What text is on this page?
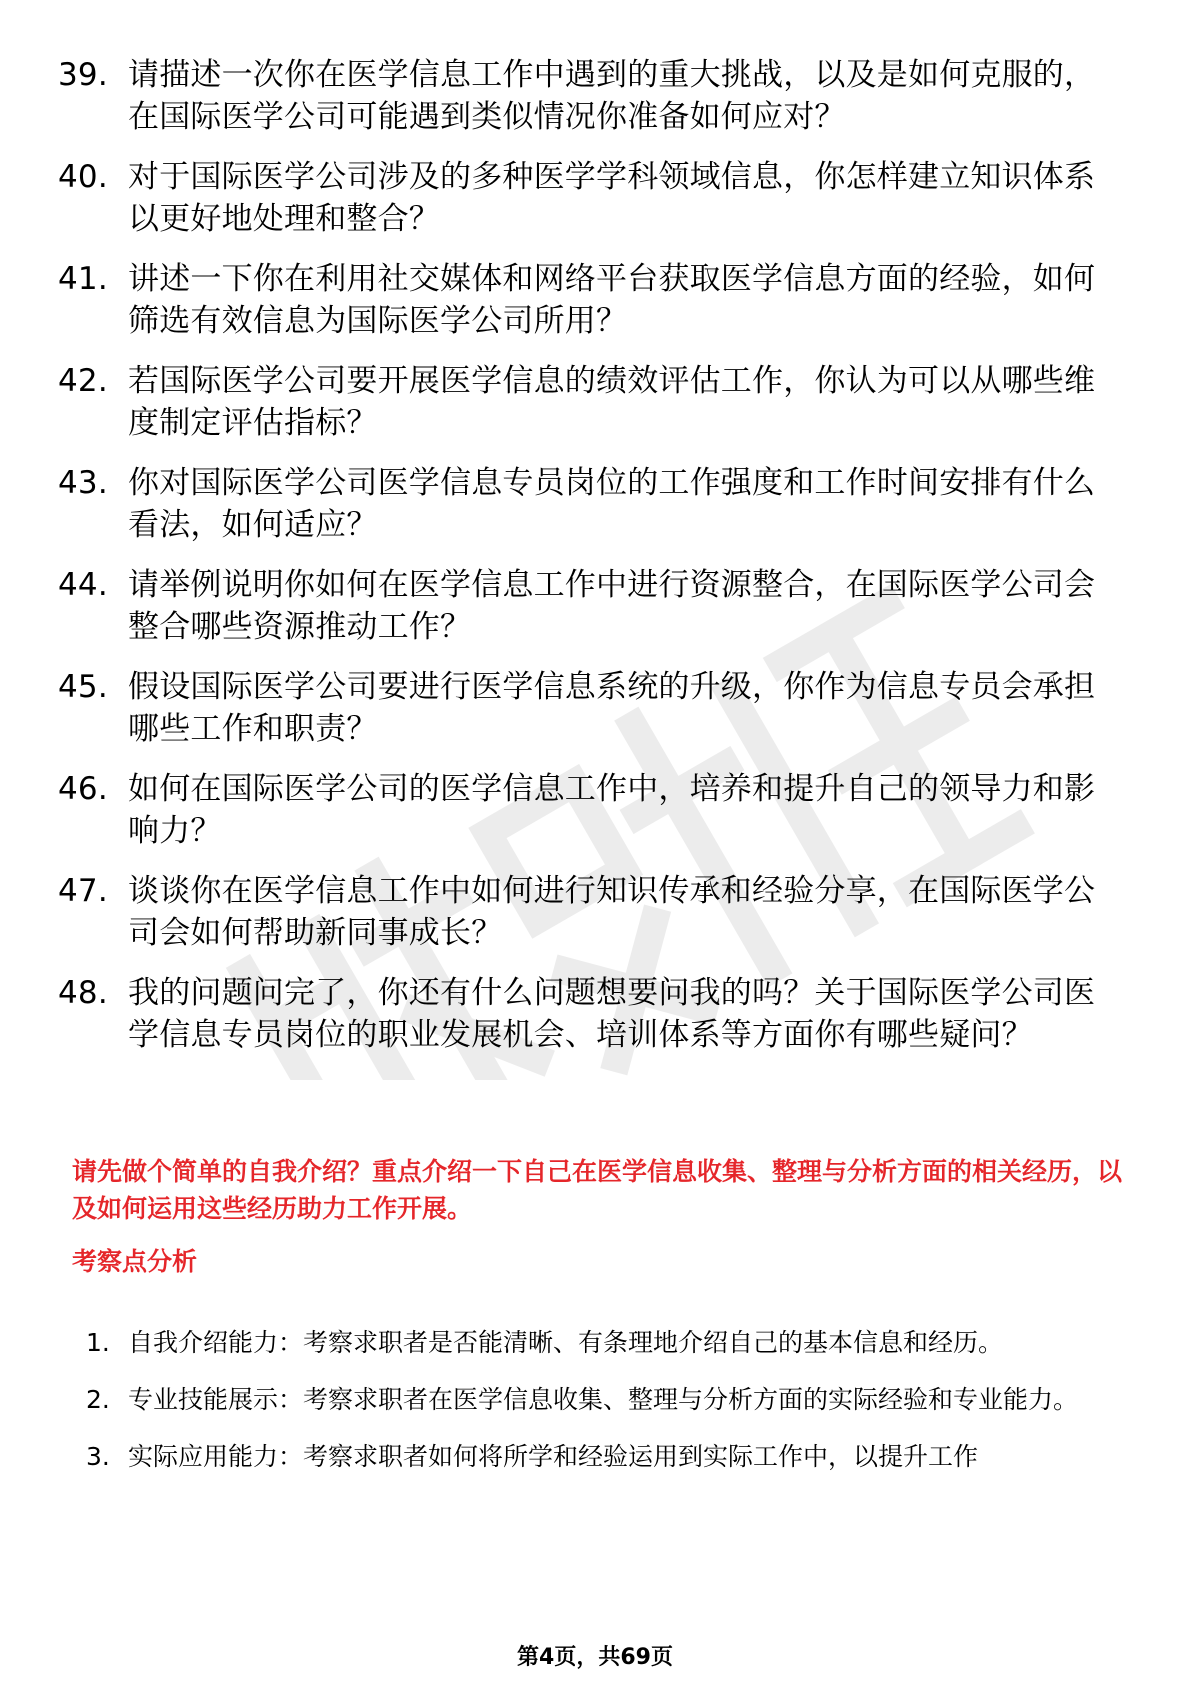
39. 请描述一次你在医学信息工作中遇到的重大挑战，以及是如何克服的，在国际医学公司可能遇到类似情况你准备如何应对？
40. 对于国际医学公司涉及的多种医学学科领域信息，你怎样建立知识体系以更好地处理和整合？
41. 讲述一下你在利用社交媒体和网络平台获取医学信息方面的经验，如何筛选有效信息为国际医学公司所用？
42. 若国际医学公司要开展医学信息的绩效评估工作，你认为可以从哪些维度制定评估指标？
43. 你对国际医学公司医学信息专员岗位的工作强度和工作时间安排有什么看法，如何适应？
44. 请举例说明你如何在医学信息工作中进行资源整合，在国际医学公司会整合哪些资源推动工作？
45. 假设国际医学公司要进行医学信息系统的升级，你作为信息专员会承担哪些工作和职责？
46. 如何在国际医学公司的医学信息工作中，培养和提升自己的领导力和影响力？
47. 谈谈你在医学信息工作中如何进行知识传承和经验分享，在国际医学公司会如何帮助新同事成长？
48. 我的问题问完了，你还有什么问题想要问我的吗？关于国际医学公司医学信息专员岗位的职业发展机会、培训体系等方面你有哪些疑问？

请先做个简单的自我介绍？重点介绍一下自己在医学信息收集、整理与分析方面的相关经历，以及如何运用这些经历助力工作开展。

考察点分析
1. 自我介绍能力：考察求职者是否能清晰、有条理地介绍自己的基本信息和经历。
2. 专业技能展示：考察求职者在医学信息收集、整理与分析方面的实际经验和专业能力。
3. 实际应用能力：考察求职者如何将所学和经验运用到实际工作中，以提升工作
第4页，共69页
